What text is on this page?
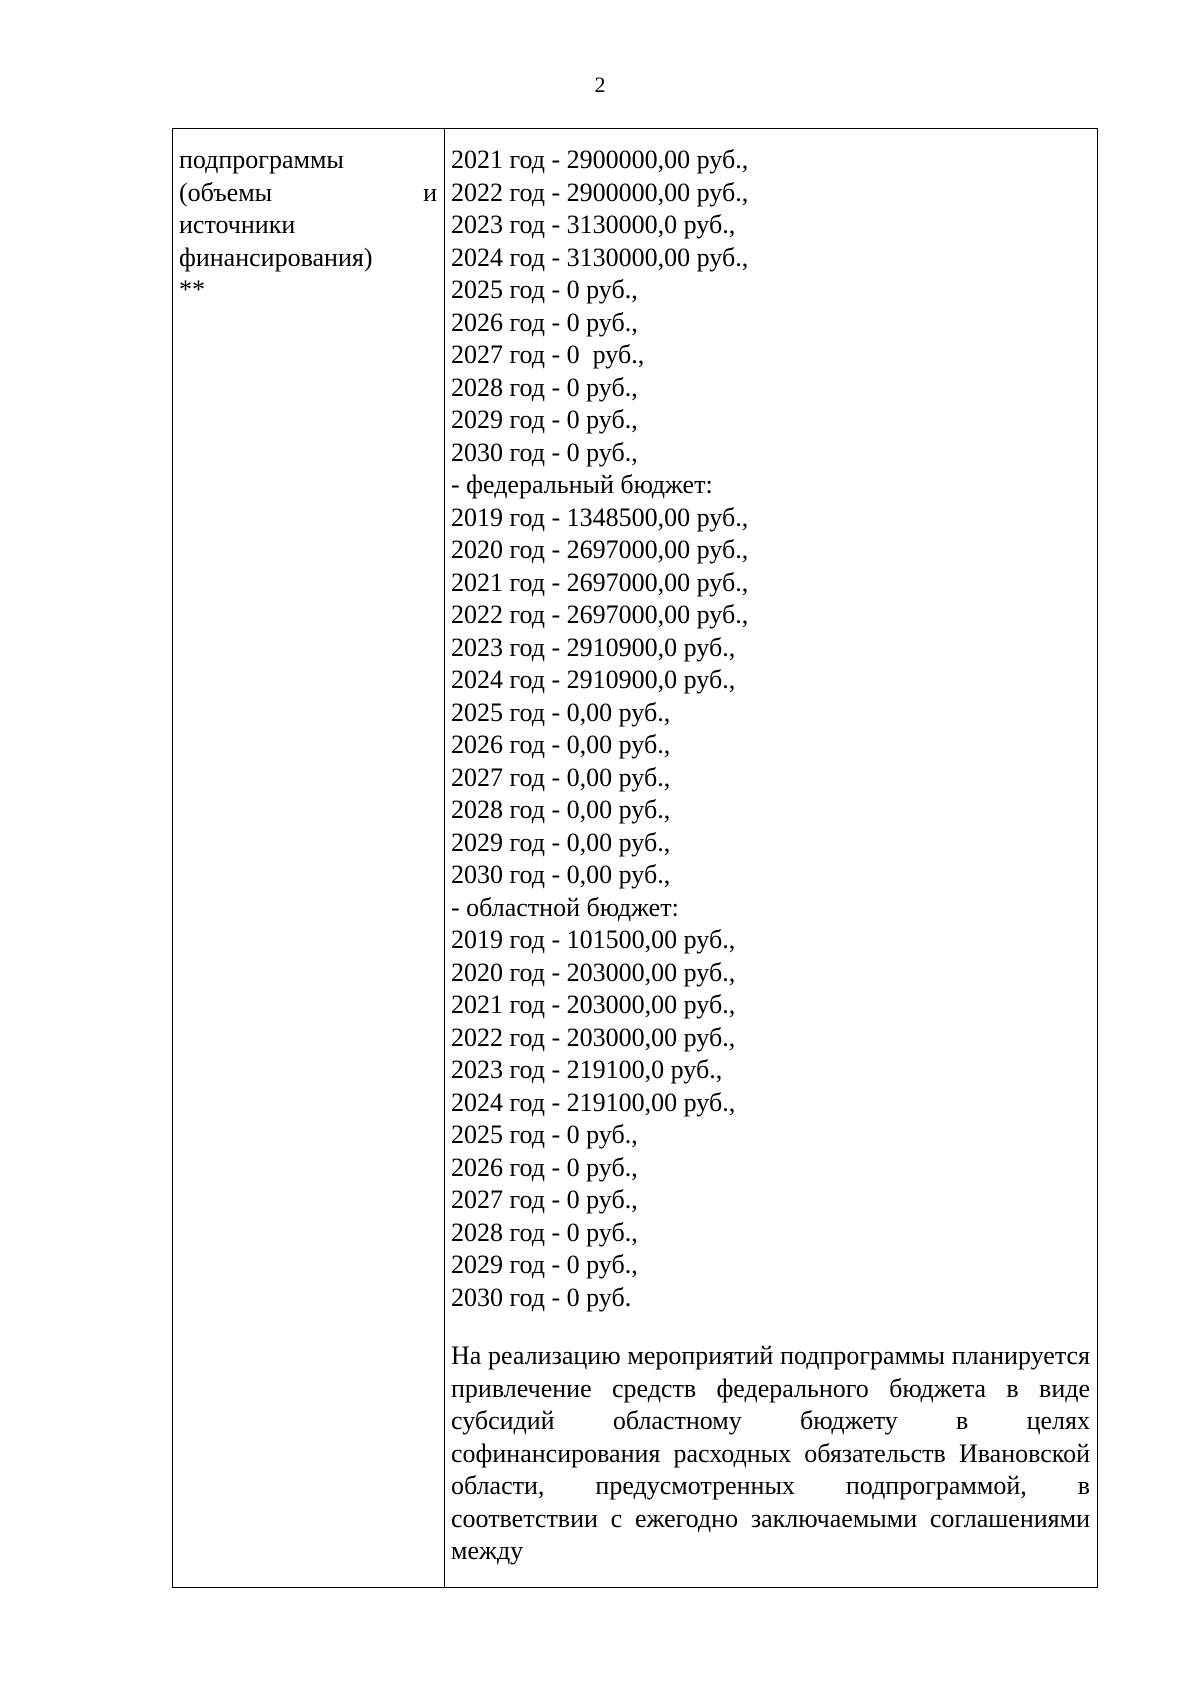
2
подпрограммы
(объемы	и
источники
финансирования)
**

2021 год - 2900000,00 руб.,
2022 год - 2900000,00 руб.,
2023 год - 3130000,0 руб.,
2024 год - 3130000,00 руб.,
2025 год - 0 руб.,
2026 год - 0 руб.,
2027 год - 0  руб.,
2028 год - 0 руб.,
2029 год - 0 руб.,
2030 год - 0 руб.,
- федеральный бюджет:
2019 год - 1348500,00 руб.,
2020 год - 2697000,00 руб.,
2021 год - 2697000,00 руб.,
2022 год - 2697000,00 руб.,
2023 год - 2910900,0 руб.,
2024 год - 2910900,0 руб.,
2025 год - 0,00 руб.,
2026 год - 0,00 руб.,
2027 год - 0,00 руб.,
2028 год - 0,00 руб.,
2029 год - 0,00 руб.,
2030 год - 0,00 руб.,
- областной бюджет:
2019 год - 101500,00 руб.,
2020 год - 203000,00 руб.,
2021 год - 203000,00 руб.,
2022 год - 203000,00 руб.,
2023 год - 219100,0 руб.,
2024 год - 219100,00 руб.,
2025 год - 0 руб.,
2026 год - 0 руб.,
2027 год - 0 руб.,
2028 год - 0 руб.,
2029 год - 0 руб.,
2030 год - 0 руб.
На реализацию мероприятий подпрограммы планируется привлечение средств федерального бюджета в виде субсидий областному бюджету в целях софинансирования расходных обязательств Ивановской области, предусмотренных подпрограммой, в соответствии с ежегодно заключаемыми соглашениями между
